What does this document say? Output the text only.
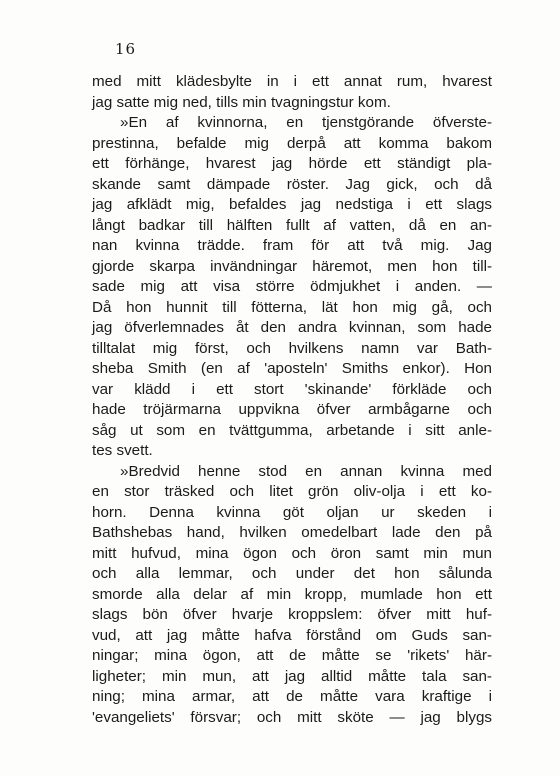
16
med mitt klädesbylte in i ett annat rum, hvarest
jag satte mig ned, tills min tvagningstur kom.
»En af kvinnorna, en tjenstgörande öfverste-
prestinna, befalde mig derpå att komma bakom
ett förhänge, hvarest jag hörde ett ständigt pla-
skande samt dämpade röster. Jag gick, och då
jag afklädt mig, befaldes jag nedstiga i ett slags
långt badkar till hälften fullt af vatten, då en an-
nan kvinna trädde. fram för att två mig. Jag
gjorde skarpa invändningar häremot, men hon till-
sade mig att visa större ödmjukhet i anden. —
Då hon hunnit till fötterna, lät hon mig gå, och
jag öfverlemnades åt den andra kvinnan, som hade
tilltalat mig först, och hvilkens namn var Bath-
sheba Smith (en af 'aposteln' Smiths enkor). Hon
var klädd i ett stort 'skinande' förkläde och
hade tröjärmarna uppvikna öfver armbågarne och
såg ut som en tvättgumma, arbetande i sitt anle-
tes svett.
»Bredvid henne stod en annan kvinna med
en stor träsked och litet grön oliv-olja i ett ko-
horn. Denna kvinna göt oljan ur skeden i
Bathshebas hand, hvilken omedelbart lade den på
mitt hufvud, mina ögon och öron samt min mun
och alla lemmar, och under det hon sålunda
smorde alla delar af min kropp, mumlade hon ett
slags bön öfver hvarje kroppslem: öfver mitt huf-
vud, att jag måtte hafva förstånd om Guds san-
ningar; mina ögon, att de måtte se 'rikets' här-
ligheter; min mun, att jag alltid måtte tala san-
ning; mina armar, att de måtte vara kraftige i
'evangeliets' försvar; och mitt sköte — jag blygs
